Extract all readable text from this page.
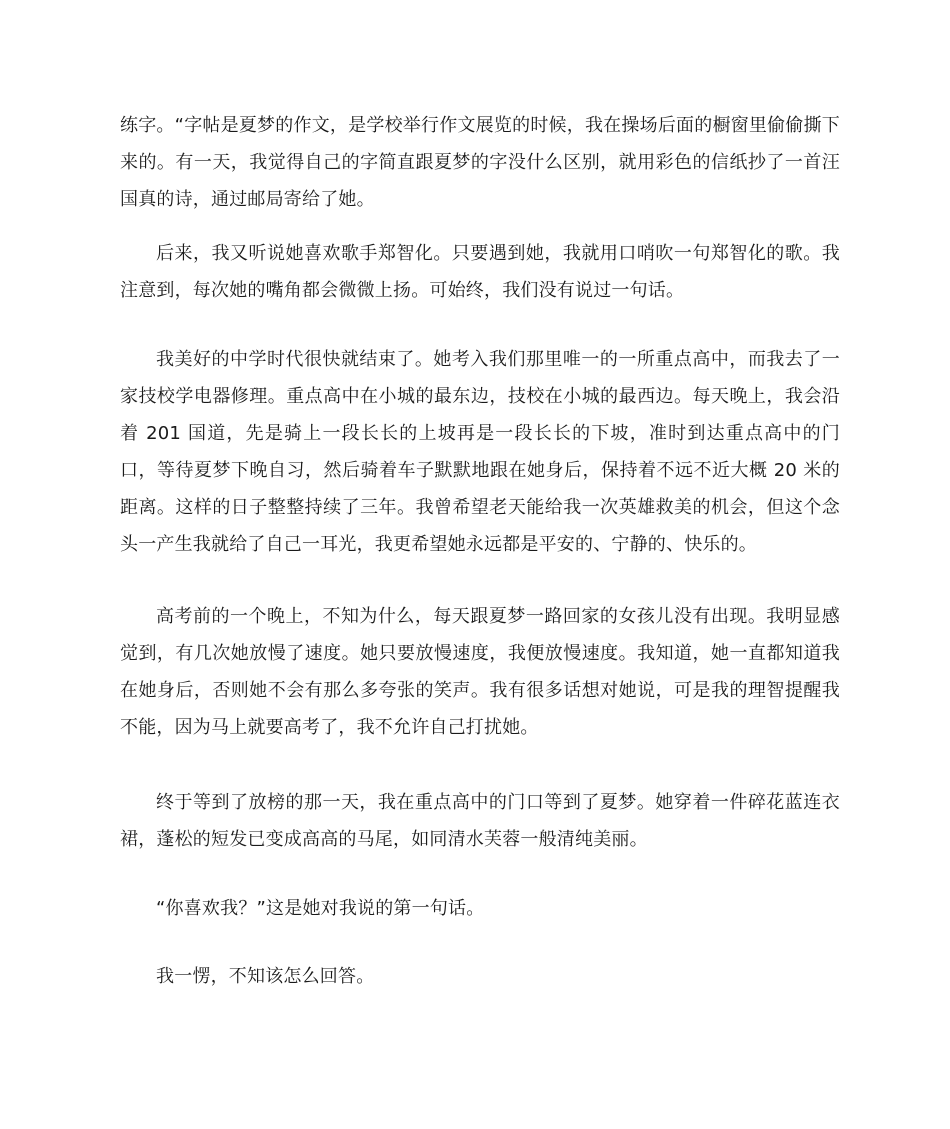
练字。“字帖是夏梦的作文，是学校举行作文展览的时候，我在操场后面的橱窗里偷偷撕下来的。有一天，我觉得自己的字简直跟夏梦的字没什么区别，就用彩色的信纸抄了一首汪国真的诗，通过邮局寄给了她。

后来，我又听说她喜欢歌手郑智化。只要遇到她，我就用口哨吹一句郑智化的歌。我注意到，每次她的嘴角都会微微上扬。可始终，我们没有说过一句话。

我美好的中学时代很快就结束了。她考入我们那里唯一的一所重点高中，而我去了一家技校学电器修理。重点高中在小城的最东边，技校在小城的最西边。每天晚上，我会沿着 201 国道，先是骑上一段长长的上坡再是一段长长的下坡，准时到达重点高中的门口，等待夏梦下晚自习，然后骑着车子默默地跟在她身后，保持着不远不近大概 20 米的距离。这样的日子整整持续了三年。我曾希望老天能给我一次英雄救美的机会，但这个念头一产生我就给了自己一耳光，我更希望她永远都是平安的、宁静的、快乐的。

高考前的一个晚上，不知为什么，每天跟夏梦一路回家的女孩儿没有出现。我明显感觉到，有几次她放慢了速度。她只要放慢速度，我便放慢速度。我知道，她一直都知道我在她身后，否则她不会有那么多夸张的笑声。我有很多话想对她说，可是我的理智提醒我不能，因为马上就要高考了，我不允许自己打扰她。

终于等到了放榜的那一天，我在重点高中的门口等到了夏梦。她穿着一件碎花蓝连衣裙，蓬松的短发已变成高高的马尾，如同清水芙蓉一般清纯美丽。

“你喜欢我？”这是她对我说的第一句话。

我一愣，不知该怎么回答。
